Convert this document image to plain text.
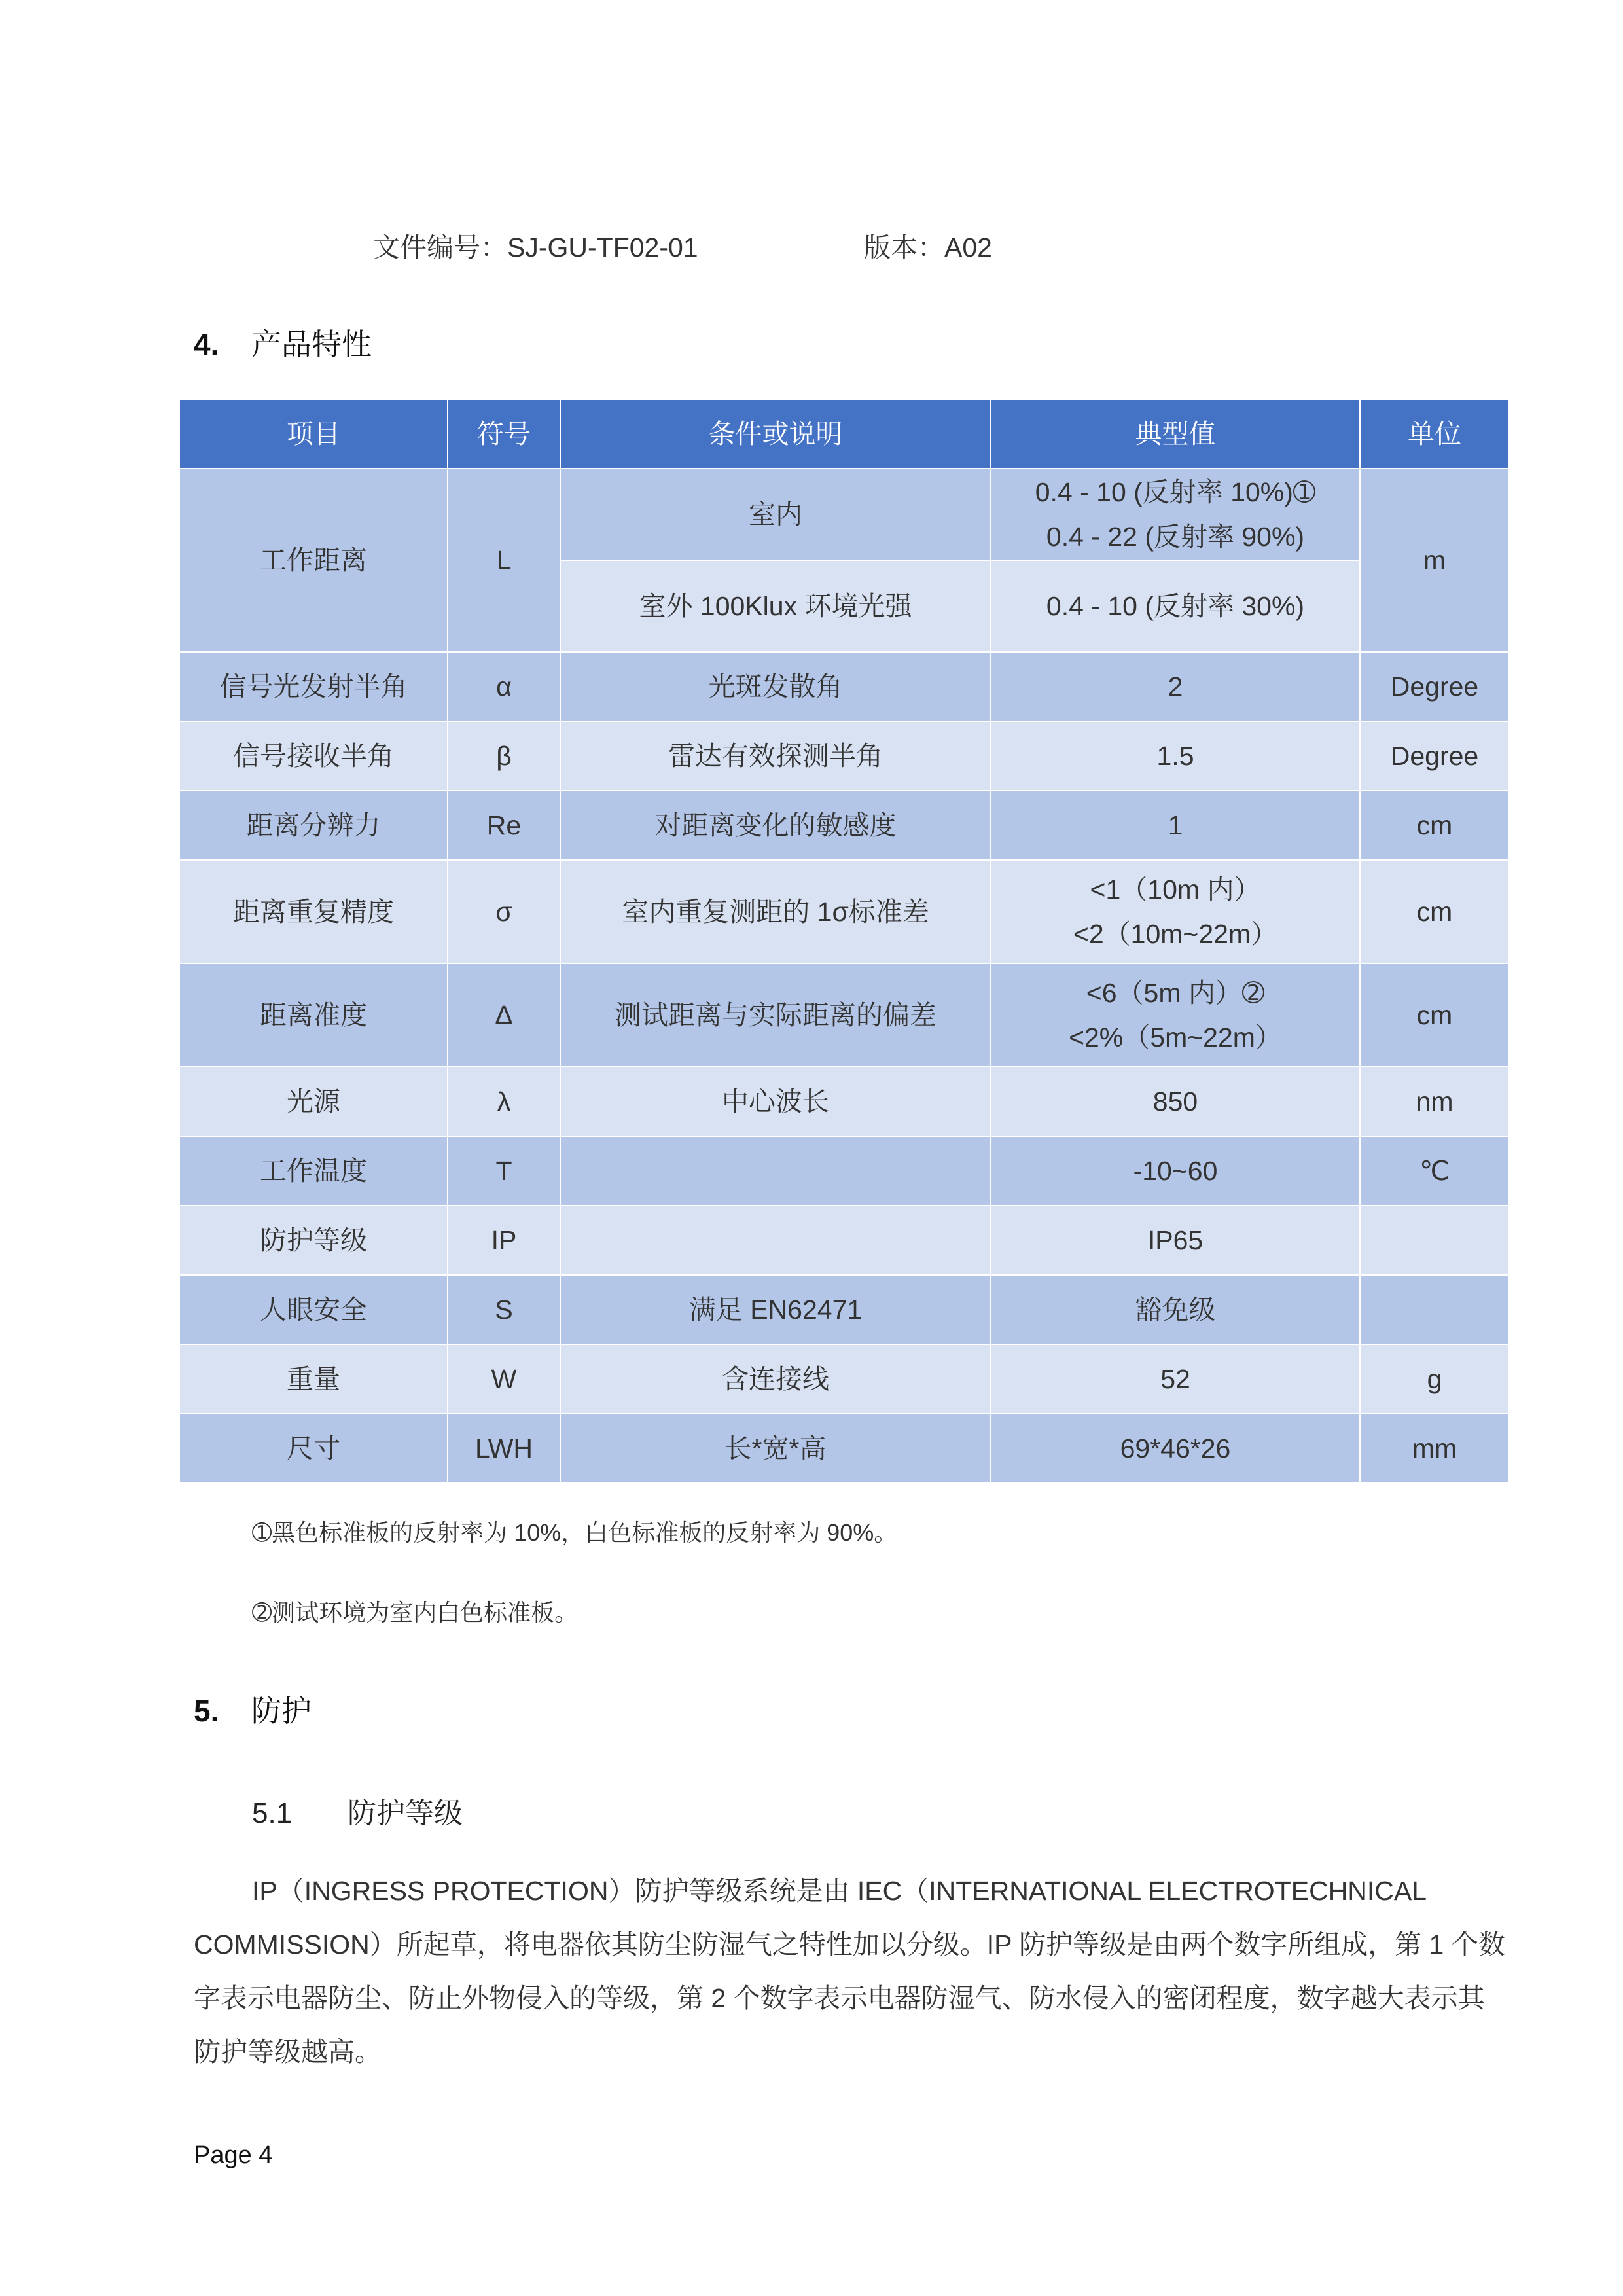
文件编号：SJ-GU-TF02-01	版本：A02
4. 产品特性
项目	符号	条件或说明	典型值	单位
工作距离	L	室内	0.4 - 10 (反射率 10%)➀
0.4 - 22 (反射率 90%)	m
		室外 100Klux 环境光强	0.4 - 10 (反射率 30%)	
信号光发射半角	α	光斑发散角	2	Degree
信号接收半角	β	雷达有效探测半角	1.5	Degree
距离分辨力	Re	对距离变化的敏感度	1	cm
距离重复精度	σ	室内重复测距的 1σ标准差	<1（10m 内）
<2（10m~22m）	cm
距离准度	Δ	测试距离与实际距离的偏差	<6（5m 内）➁
<2%（5m~22m）	cm
光源	λ	中心波长	850	nm
工作温度	T		-10~60	℃
防护等级	IP		IP65	
人眼安全	S	满足 EN62471	豁免级	
重量	W	含连接线	52	g
尺寸	LWH	长*宽*高	69*46*26	mm
➀黑色标准板的反射率为 10%，白色标准板的反射率为 90%。
➁测试环境为室内白色标准板。
5. 防护
5.1 防护等级
IP（INGRESS PROTECTION）防护等级系统是由 IEC（INTERNATIONAL ELECTROTECHNICAL COMMISSION）所起草，将电器依其防尘防湿气之特性加以分级。IP 防护等级是由两个数字所组成，第 1 个数字表示电器防尘、防止外物侵入的等级，第 2 个数字表示电器防湿气、防水侵入的密闭程度，数字越大表示其防护等级越高。
Page 4
